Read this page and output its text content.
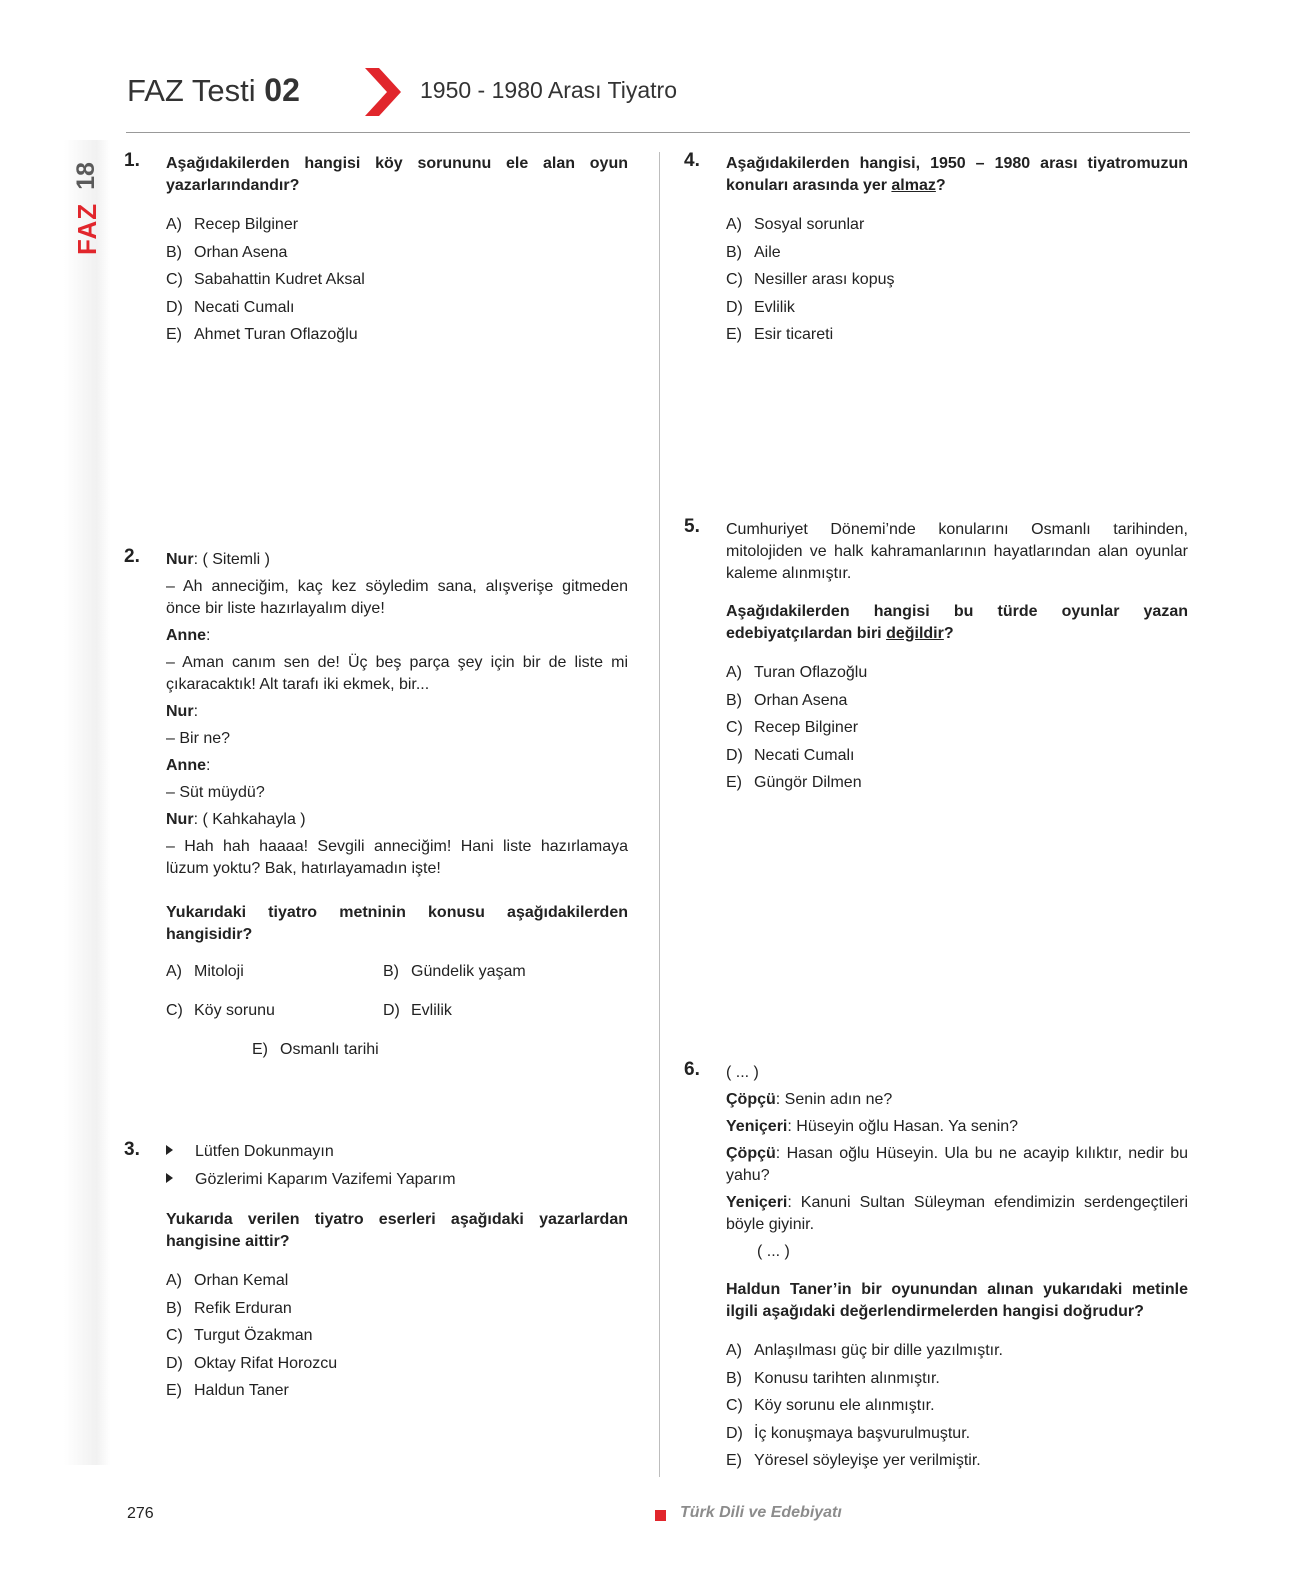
18
FAZ
FAZ Testi 02	1950 - 1980 Arası Tiyatro
1. Aşağıdakilerden hangisi köy sorununu ele alan oyun yazarlarındandır?

A) Recep Bilginer
B) Orhan Asena
C) Sabahattin Kudret Aksal
D) Necati Cumalı
E) Ahmet Turan Oflazoğlu
2. Nur: ( Sitemli )

– Ah anneciğim, kaç kez söyledim sana, alışverişe gitmeden önce bir liste hazırlayalım diye!

Anne:

– Aman canım sen de! Üç beş parça şey için bir de liste mi çıkaracaktık! Alt tarafı iki ekmek, bir...

Nur:

– Bir ne?

Anne:

– Süt müydü?

Nur: ( Kahkahayla )

– Hah hah haaaa! Sevgili anneciğim! Hani liste hazırlamaya lüzum yoktu? Bak, hatırlayamadın işte!

Yukarıdaki tiyatro metninin konusu aşağıdakilerden hangisidir?

A) Mitoloji	B) Gündelik yaşam
C) Köy sorunu	D) Evlilik
E) Osmanlı tarihi
3.	Lütfen Dokunmayın
Gözlerimi Kaparım Vazifemi Yaparım

Yukarıda verilen tiyatro eserleri aşağıdaki yazarlardan hangisine aittir?

A) Orhan Kemal
B) Refik Erduran
C) Turgut Özakman
D) Oktay Rifat Horozcu
E) Haldun Taner
4. Aşağıdakilerden hangisi, 1950 – 1980 arası tiyatromuzun konuları arasında yer almaz?

A) Sosyal sorunlar
B) Aile
C) Nesiller arası kopuş
D) Evlilik
E) Esir ticareti
5. Cumhuriyet Dönemi’nde konularını Osmanlı tarihinden, mitolojiden ve halk kahramanlarının hayatlarından alan oyunlar kaleme alınmıştır.

Aşağıdakilerden hangisi bu türde oyunlar yazan edebiyatçılardan biri değildir?

A) Turan Oflazoğlu
B) Orhan Asena
C) Recep Bilginer
D) Necati Cumalı
E) Güngör Dilmen
6. ( ... )

Çöpçü: Senin adın ne?

Yeniçeri: Hüseyin oğlu Hasan. Ya senin?

Çöpçü: Hasan oğlu Hüseyin. Ula bu ne acayip kılıktır, nedir bu yahu?

Yeniçeri: Kanuni Sultan Süleyman efendimizin serdengeçtileri böyle giyinir.

( ... )

Haldun Taner’in bir oyunundan alınan yukarıdaki metinle ilgili aşağıdaki değerlendirmelerden hangisi doğrudur?

A) Anlaşılması güç bir dille yazılmıştır.
B) Konusu tarihten alınmıştır.
C) Köy sorunu ele alınmıştır.
D) İç konuşmaya başvurulmuştur.
E) Yöresel söyleyişe yer verilmiştir.
276	Türk Dili ve Edebiyatı
